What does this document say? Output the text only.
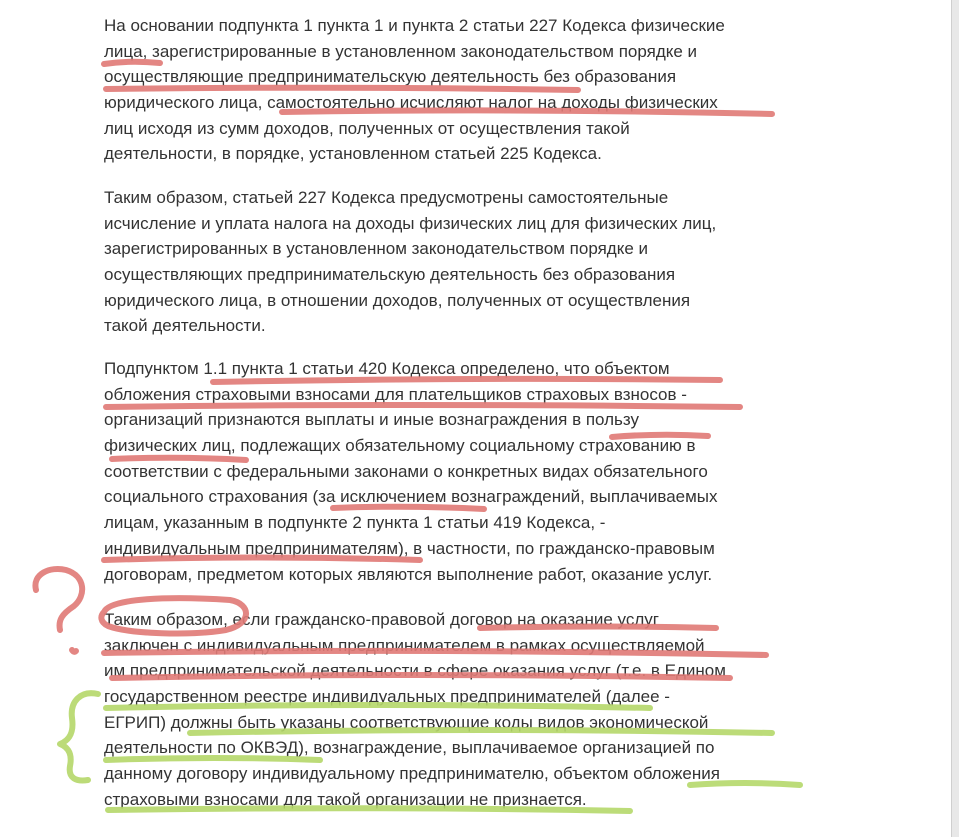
На основании подпункта 1 пункта 1 и пункта 2 статьи 227 Кодекса физические
лица, зарегистрированные в установленном законодательством порядке и
осуществляющие предпринимательскую деятельность без образования
юридического лица, самостоятельно исчисляют налог на доходы физических
лиц исходя из сумм доходов, полученных от осуществления такой
деятельности, в порядке, установленном статьей 225 Кодекса.

Таким образом, статьей 227 Кодекса предусмотрены самостоятельные
исчисление и уплата налога на доходы физических лиц для физических лиц,
зарегистрированных в установленном законодательством порядке и
осуществляющих предпринимательскую деятельность без образования
юридического лица, в отношении доходов, полученных от осуществления
такой деятельности.

Подпунктом 1.1 пункта 1 статьи 420 Кодекса определено, что объектом
обложения страховыми взносами для плательщиков страховых взносов -
организаций признаются выплаты и иные вознаграждения в пользу
физических лиц, подлежащих обязательному социальному страхованию в
соответствии с федеральными законами о конкретных видах обязательного
социального страхования (за исключением вознаграждений, выплачиваемых
лицам, указанным в подпункте 2 пункта 1 статьи 419 Кодекса, -
индивидуальным предпринимателям), в частности, по гражданско-правовым
договорам, предметом которых являются выполнение работ, оказание услуг.

Таким образом, если гражданско-правовой договор на оказание услуг
заключен с индивидуальным предпринимателем в рамках осуществляемой
им предпринимательской деятельности в сфере оказания услуг (т.е. в Едином
государственном реестре индивидуальных предпринимателей (далее -
ЕГРИП) должны быть указаны соответствующие коды видов экономической
деятельности по ОКВЭД), вознаграждение, выплачиваемое организацией по
данному договору индивидуальному предпринимателю, объектом обложения
страховыми взносами для такой организации не признается.
